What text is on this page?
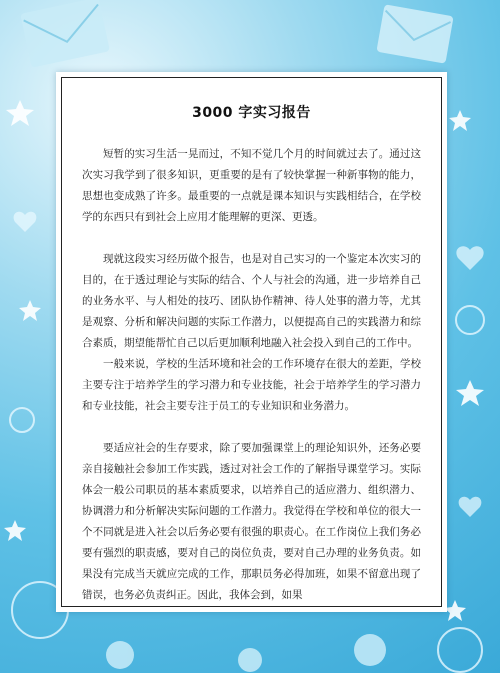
3000 字实习报告

短暂的实习生活一晃而过，不知不觉几个月的时间就过去了。通过这次实习我学到了很多知识，更重要的是有了较快掌握一种新事物的能力，思想也变成熟了许多。最重要的一点就是课本知识与实践相结合，在学校学的东西只有到社会上应用才能理解的更深、更透。

现就这段实习经历做个报告，也是对自己实习的一个鉴定本次实习的目的，在于透过理论与实际的结合、个人与社会的沟通，进一步培养自己的业务水平、与人相处的技巧、团队协作精神、待人处事的潜力等，尤其是观察、分析和解决问题的实际工作潜力，以便提高自己的实践潜力和综合素质，期望能帮忙自己以后更加顺利地融入社会投入到自己的工作中。

一般来说，学校的生活环境和社会的工作环境存在很大的差距，学校主要专注于培养学生的学习潜力和专业技能，社会于培养学生的学习潜力和专业技能，社会主要专注于员工的专业知识和业务潜力。

要适应社会的生存要求，除了要加强课堂上的理论知识外，还务必要亲自接触社会参加工作实践，透过对社会工作的了解指导课堂学习。实际体会一般公司职员的基本素质要求，以培养自己的适应潜力、组织潜力、协调潜力和分析解决实际问题的工作潜力。我觉得在学校和单位的很大一个不同就是进入社会以后务必要有很强的职责心。在工作岗位上我们务必要有强烈的职责感，要对自己的岗位负责，要对自己办理的业务负责。如果没有完成当天就应完成的工作，那职员务必得加班，如果不留意出现了错误，也务必负责纠正。因此，我体会到，如果
